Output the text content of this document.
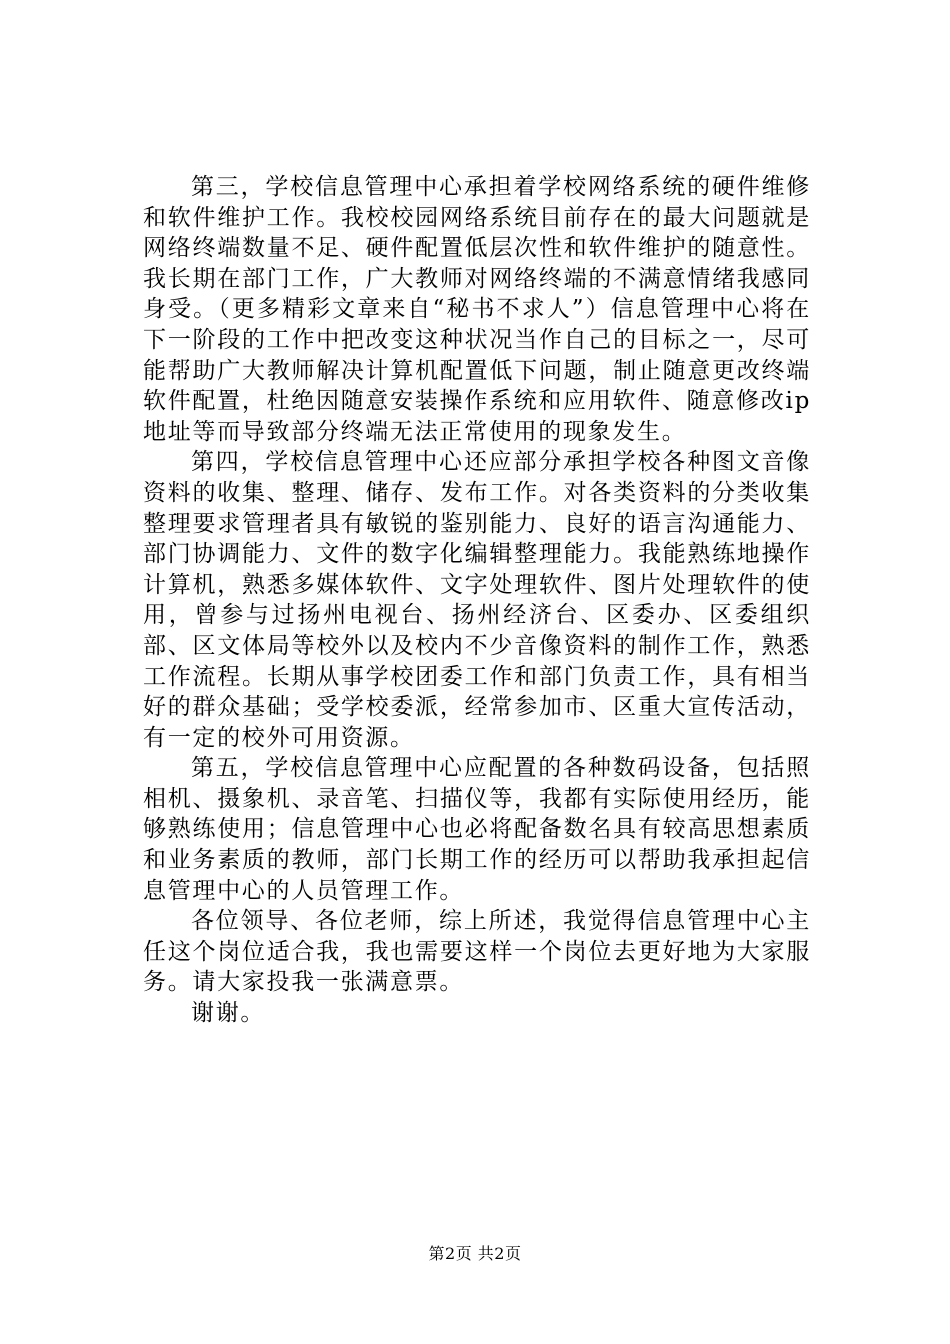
第三，学校信息管理中心承担着学校网络系统的硬件维修和软件维护工作。我校校园网络系统目前存在的最大问题就是网络终端数量不足、硬件配置低层次性和软件维护的随意性。我长期在部门工作，广大教师对网络终端的不满意情绪我感同身受。（更多精彩文章来自“秘书不求人”）信息管理中心将在下一阶段的工作中把改变这种状况当作自己的目标之一，尽可能帮助广大教师解决计算机配置低下问题，制止随意更改终端软件配置，杜绝因随意安装操作系统和应用软件、随意修改ip地址等而导致部分终端无法正常使用的现象发生。

第四，学校信息管理中心还应部分承担学校各种图文音像资料的收集、整理、储存、发布工作。对各类资料的分类收集整理要求管理者具有敏锐的鉴别能力、良好的语言沟通能力、部门协调能力、文件的数字化编辑整理能力。我能熟练地操作计算机，熟悉多媒体软件、文字处理软件、图片处理软件的使用，曾参与过扬州电视台、扬州经济台、区委办、区委组织部、区文体局等校外以及校内不少音像资料的制作工作，熟悉工作流程。长期从事学校团委工作和部门负责工作，具有相当好的群众基础；受学校委派，经常参加市、区重大宣传活动，有一定的校外可用资源。

第五，学校信息管理中心应配置的各种数码设备，包括照相机、摄象机、录音笔、扫描仪等，我都有实际使用经历，能够熟练使用；信息管理中心也必将配备数名具有较高思想素质和业务素质的教师，部门长期工作的经历可以帮助我承担起信息管理中心的人员管理工作。

各位领导、各位老师，综上所述，我觉得信息管理中心主任这个岗位适合我，我也需要这样一个岗位去更好地为大家服务。请大家投我一张满意票。

谢谢。

第2页 共2页
